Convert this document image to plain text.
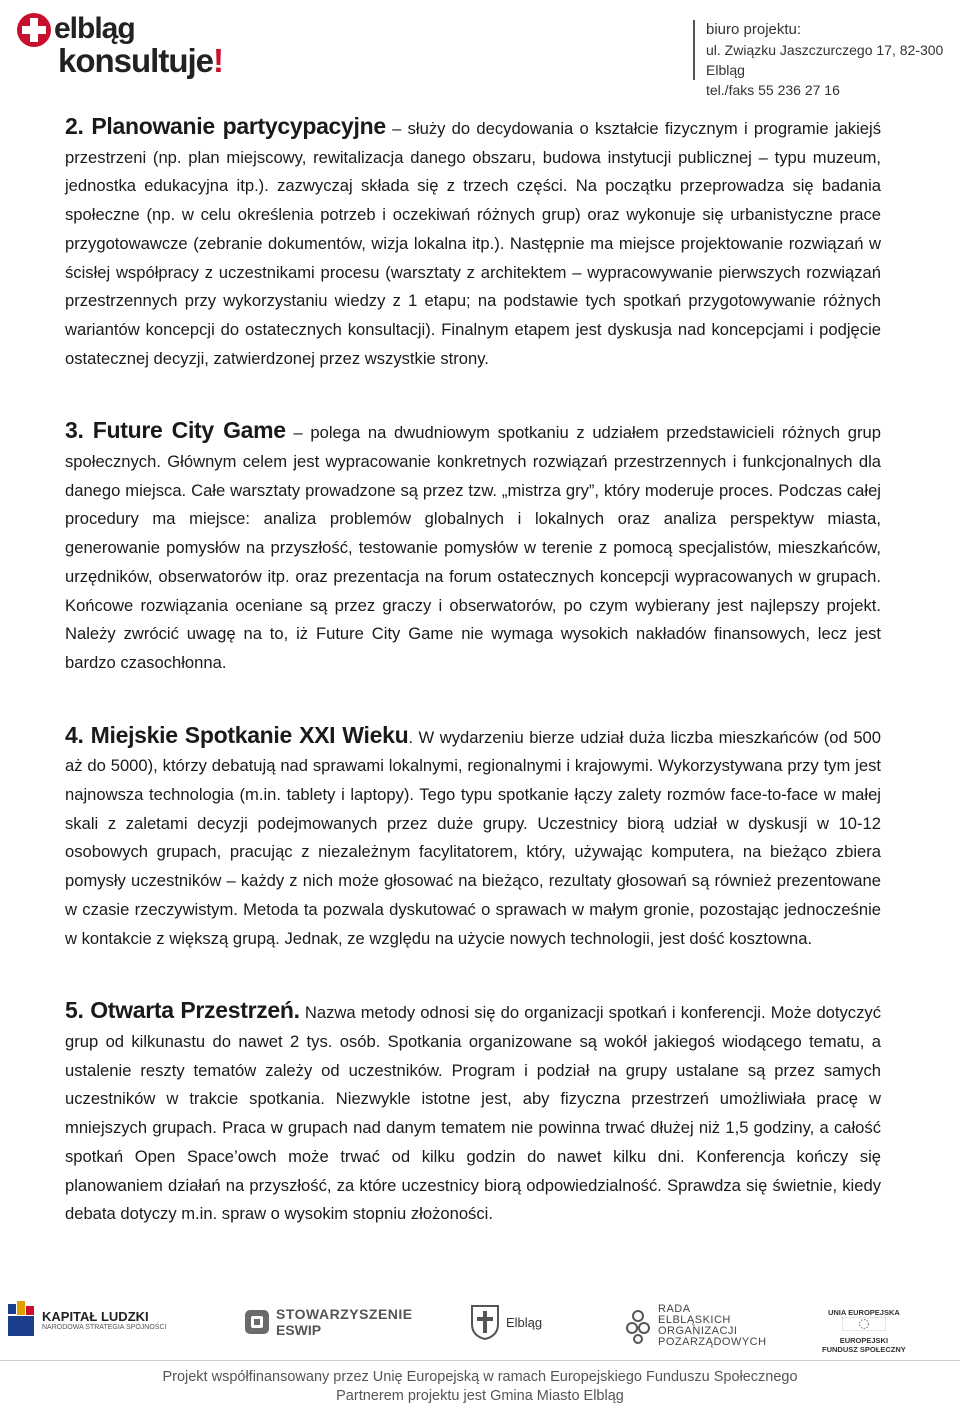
elbląg
konsultuje!
biuro projektu:
ul. Związku Jaszczurczego 17, 82-300 Elbląg
tel./faks 55 236 27 16

2. Planowanie partycypacyjne – służy do decydowania o kształcie fizycznym i programie jakiejś przestrzeni (np. plan miejscowy, rewitalizacja danego obszaru, budowa instytucji publicznej – typu muzeum, jednostka edukacyjna itp.). zazwyczaj składa się z trzech części. Na początku przeprowadza się badania społeczne (np. w celu określenia potrzeb i oczekiwań różnych grup) oraz wykonuje się urbanistyczne prace przygotowawcze (zebranie dokumentów, wizja lokalna itp.). Następnie ma miejsce projektowanie rozwiązań w ścisłej współpracy z uczestnikami procesu (warsztaty z architektem – wypracowywanie pierwszych rozwiązań przestrzennych przy wykorzystaniu wiedzy z 1 etapu; na podstawie tych spotkań przygotowywanie różnych wariantów koncepcji do ostatecznych konsultacji). Finalnym etapem jest dyskusja nad koncepcjami i podjęcie ostatecznej decyzji, zatwierdzonej przez wszystkie strony.

3. Future City Game – polega na dwudniowym spotkaniu z udziałem przedstawicieli różnych grup społecznych. Głównym celem jest wypracowanie konkretnych rozwiązań przestrzennych i funkcjonalnych dla danego miejsca. Całe warsztaty prowadzone są przez tzw. „mistrza gry”, który moderuje proces. Podczas całej procedury ma miejsce: analiza problemów globalnych i lokalnych oraz analiza perspektyw miasta, generowanie pomysłów na przyszłość, testowanie pomysłów w terenie z pomocą specjalistów, mieszkańców, urzędników, obserwatorów itp. oraz prezentacja na forum ostatecznych koncepcji wypracowanych w grupach. Końcowe rozwiązania oceniane są przez graczy i obserwatorów, po czym wybierany jest najlepszy projekt. Należy zwrócić uwagę na to, iż Future City Game nie wymaga wysokich nakładów finansowych, lecz jest bardzo czasochłonna.

4. Miejskie Spotkanie XXI Wieku. W wydarzeniu bierze udział duża liczba mieszkańców (od 500 aż do 5000), którzy debatują nad sprawami lokalnymi, regionalnymi i krajowymi. Wykorzystywana przy tym jest najnowsza technologia (m.in. tablety i laptopy). Tego typu spotkanie łączy zalety rozmów face-to-face w małej skali z zaletami decyzji podejmowanych przez duże grupy. Uczestnicy biorą udział w dyskusji w 10-12 osobowych grupach, pracując z niezależnym facylitatorem, który, używając komputera, na bieżąco zbiera pomysły uczestników – każdy z nich może głosować na bieżąco, rezultaty głosowań są również prezentowane w czasie rzeczywistym. Metoda ta pozwala dyskutować o sprawach w małym gronie, pozostając jednocześnie w kontakcie z większą grupą. Jednak, ze względu na użycie nowych technologii, jest dość kosztowna.

5. Otwarta Przestrzeń. Nazwa metody odnosi się do organizacji spotkań i konferencji. Może dotyczyć grup od kilkunastu do nawet 2 tys. osób. Spotkania organizowane są wokół jakiegoś wiodącego tematu, a ustalenie reszty tematów zależy od uczestników. Program i podział na grupy ustalane są przez samych uczestników w trakcie spotkania. Niezwykle istotne jest, aby fizyczna przestrzeń umożliwiała pracę w mniejszych grupach. Praca w grupach nad danym tematem nie powinna trwać dłużej niż 1,5 godziny, a całość spotkań Open Space’owch może trwać od kilku godzin do nawet kilku dni. Konferencja kończy się planowaniem działań na przyszłość, za które uczestnicy biorą odpowiedzialność. Sprawdza się świetnie, kiedy debata dotyczy m.in. spraw o wysokim stopniu złożoności.

KAPITAŁ LUDZKI
NARODOWA STRATEGIA SPÓJNOŚCI
STOWARZYSZENIE
ESWIP	Elbląg
RADA
ELBLĄSKICH
ORGANIZACJI
POZARZĄDOWYCH
UNIA EUROPEJSKA
EUROPEJSKI
FUNDUSZ SPOŁECZNY
Projekt współfinansowany przez Unię Europejską w ramach Europejskiego Funduszu Społecznego
Partnerem projektu jest Gmina Miasto Elbląg
